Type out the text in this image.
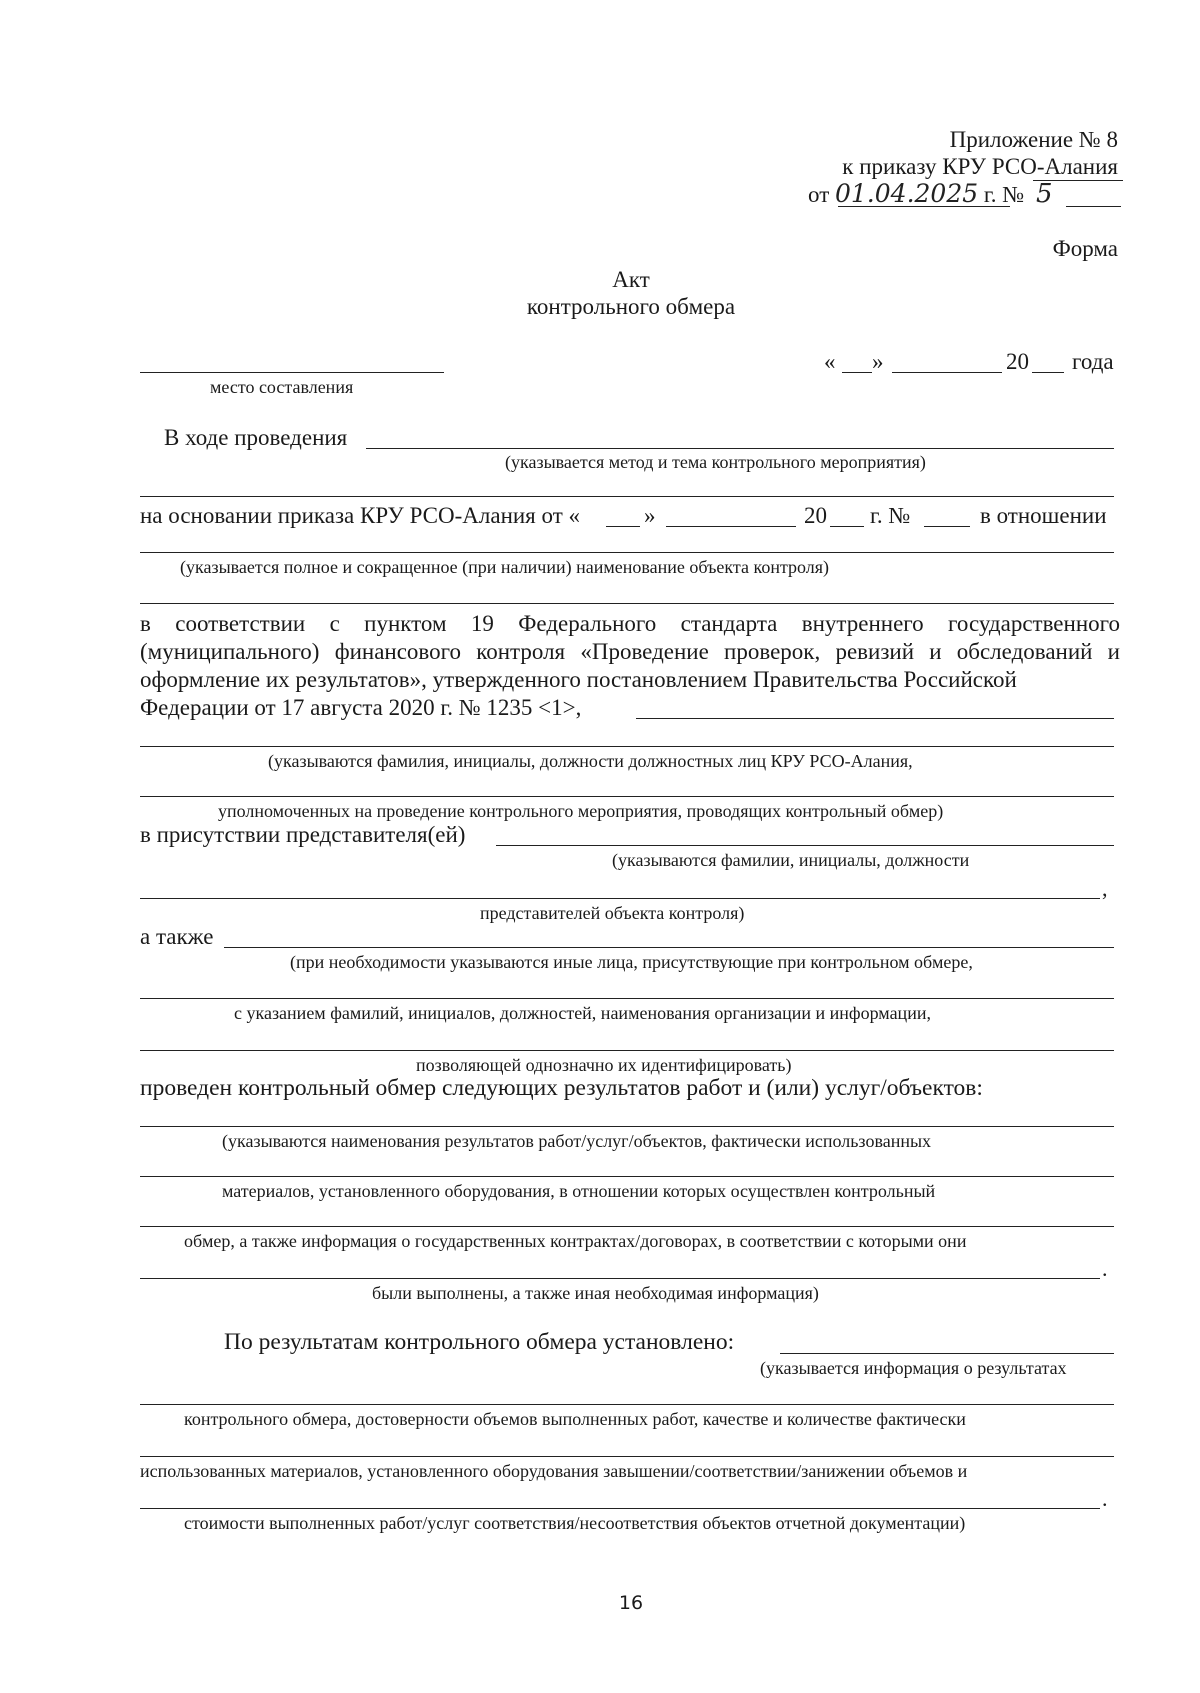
Приложение № 8
к приказу КРУ РСО-Алания
от 01.04.2025 г. № 5
Форма
Акт
контрольного обмера
место составления
« »	20 года
В ходе проведения
(указывается метод и тема контрольного мероприятия)
на основании приказа КРУ РСО-Алания от «	»	20 г. №	в отношении
(указывается полное и сокращенное (при наличии) наименование объекта контроля)
в соответствии с пунктом 19 Федерального стандарта внутреннего государственного (муниципального) финансового контроля «Проведение проверок, ревизий и обследований и оформление их результатов», утвержденного постановлением Правительства Российской
Федерации от 17 августа 2020 г. № 1235 <1>,
(указываются фамилия, инициалы, должности должностных лиц КРУ РСО-Алания,
уполномоченных на проведение контрольного мероприятия, проводящих контрольный обмер)
в присутствии представителя(ей)
(указываются фамилии, инициалы, должности
,
представителей объекта контроля)
а также
(при необходимости указываются иные лица, присутствующие при контрольном обмере,
с указанием фамилий, инициалов, должностей, наименования организации и информации,
позволяющей однозначно их идентифицировать)
проведен контрольный обмер следующих результатов работ и (или) услуг/объектов:
(указываются наименования результатов работ/услуг/объектов, фактически использованных
материалов, установленного оборудования, в отношении которых осуществлен контрольный
обмер, а также информация о государственных контрактах/договорах, в соответствии с которыми они
.
были выполнены, а также иная необходимая информация)
По результатам контрольного обмера установлено:
(указывается информация о результатах
контрольного обмера, достоверности объемов выполненных работ, качестве и количестве фактически
использованных материалов, установленного оборудования завышении/соответствии/занижении объемов и
.
стоимости выполненных работ/услуг соответствия/несоответствия объектов отчетной документации)
16
